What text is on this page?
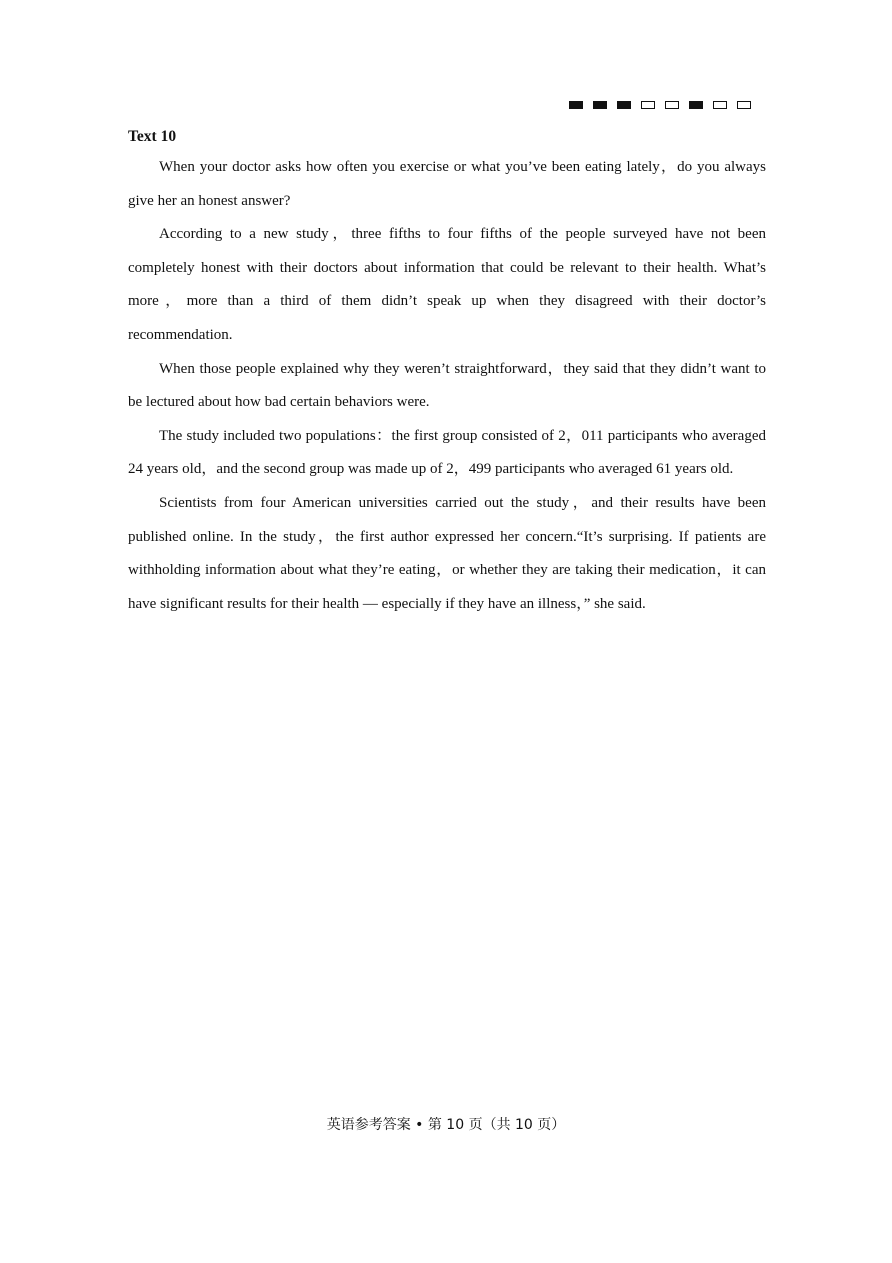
Text 10

When your doctor asks how often you exercise or what you’ve been eating lately，do you always give her an honest answer?

According to a new study，three fifths to four fifths of the people surveyed have not been completely honest with their doctors about information that could be relevant to their health. What’s more，more than a third of them didn’t speak up when they disagreed with their doctor’s recommendation.

When those people explained why they weren’t straightforward，they said that they didn’t want to be lectured about how bad certain behaviors were.

The study included two populations：the first group consisted of 2，011 participants who averaged 24 years old，and the second group was made up of 2，499 participants who averaged 61 years old.

Scientists from four American universities carried out the study，and their results have been published online. In the study，the first author expressed her concern.“It’s surprising. If patients are withholding information about what they’re eating，or whether they are taking their medication，it can have significant results for their health — especially if they have an illness，” she said.

英语参考答案 • 第 10 页（共 10 页）
